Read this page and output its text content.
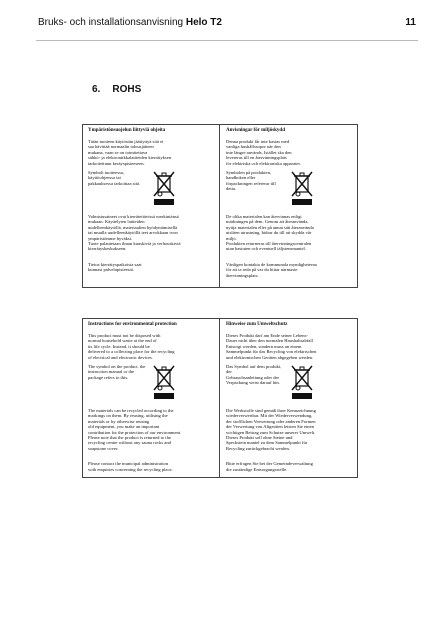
Bruks- och installationsanvisning Helo T2	11
6. ROHS
Ympäristönsuojelun liittyviä ohjeita

Tätän tuotteen käytöstän jäättyttyä sitä ei
saa hävittää normaalin talousjätteen
mukana, vaan se on toimitettava
sähkö- ja elektroniikkalaitteiden kierrätyksen
tarkoitettuun keräyspisteeseen.

Symboli tuotteessa,
käyttöohjeessa tai
pakkauksessa tarkoittaa sitä.

Valmistusaineet ovat kierrätettävissä merkintänsä
mukaan. Käyttelyten laitteiden
uudelleenkäytöllä, materiaalien hyödyntämisellä
tai muulla uudelleenkäytöllä teet arvokkaan tvon
ympäristömme hyväksi.
Tuote palautetaan ilman kuuskiviä ja verhouskiviä
kierrätyskeskukseen.

Tietoa kierrätyspaikoista saat
kunnasi palvelupisteestä.

Anvisningar för miljöskydd

Denna produkt får inte kastas med
vanliga hushållssopor när den
inte längre används. Istället ska den
levereras till en återvinningsplats
för elektriska och elektroniska apparater.

Symbolen på produkten,
handboken eller
förpackningen refererar till detta.

De olika materialen kan återvinnas enligt
märkningen på dem. Genom att återanvända,
nyttja materialen eller på annat sätt återanvända
utsliten utrustning, bidrar du till att skydda vår
miljö.
Produkten returneras till återvinningscentralen
utan bastuten och eventuell täljstensmantel.

Vänligen kontakta de kommunala myndigheterna
för att ta reda på var du hittar närmaste
återvinningsplats.

Instructions for environmental protection

This product must not be disposed with
normal household waste at the end of
its life cycle. Instead, it should be
delivered to a collecting place for the recycling
of electrical and electronic devices.

The symbol on the product, the
instruction manual or the
package refers to this.

The materials can be recycled according to the
markings on them. By reusing, utilising the
materials or by otherwise reusing
old equipment, you make an important
contribution for the protection of our environment.
Please note that the product is returned to the
recycling centre without any sauna rocks and
soapstone cover.

Please contact the municipal administration
with enquiries concerning the recycling place.

Hinweise zum Umweltschutz

Dieses Produkt darf am Ende seiner Lebens-
Dauer nicht über den normalen Haushaltsabfall
Entsorgt werden, sondern muss an einem
Sammelpunkt für das Recycling von elektrischen
und elektronischen Geräten abgegeben werden.

Das Symbol auf dem produkt, der
Gebrauchsanleitung oder der
Verpackung weist darauf hin.

Die Werkstoffe sind gemäß ihrer Kennzeichnung
wiederverwertbar. Mit der Wiederverwendung,
der stofflichen Verwertung oder anderen Formen
der Verwertung von Altgeräten leisten Sie einen
wichtigen Beitrag zum Schutze unserer Umwelt.
Dieses Produkt soll ohne Steine und
Speckstein mantel zu dem Sammelpunkt für
Recycling zurückgebracht werden.

Bitte erfragen Sie bei der Gemeindeverwaltung
die zuständige Entsorgungsstelle.
